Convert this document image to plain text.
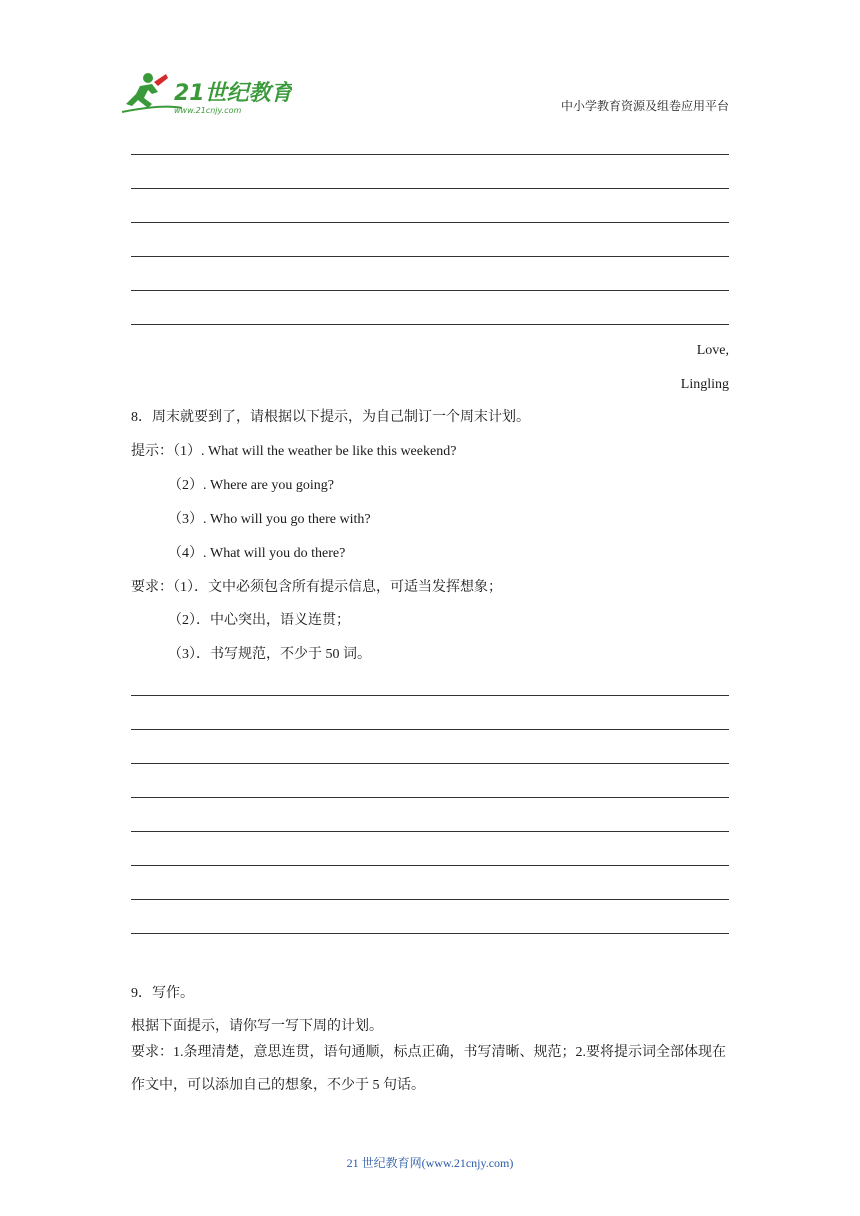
21世纪教育
www.21cnjy.com	中小学教育资源及组卷应用平台
Love,
Lingling
8．周末就要到了，请根据以下提示，为自己制订一个周末计划。
提示：（1）. What will the weather be like this weekend?
（2）. Where are you going?
（3）. Who will you go there with?
（4）. What will you do there?
要求：（1）．文中必须包含所有提示信息，可适当发挥想象；
（2）．中心突出，语义连贯；
（3）．书写规范，不少于 50 词。
9．写作。
根据下面提示，请你写一写下周的计划。
要求：1.条理清楚，意思连贯，语句通顺，标点正确，书写清晰、规范；2.要将提示词全部体现在作文中，可以添加自己的想象，不少于 5 句话。
21 世纪教育网(www.21cnjy.com)
